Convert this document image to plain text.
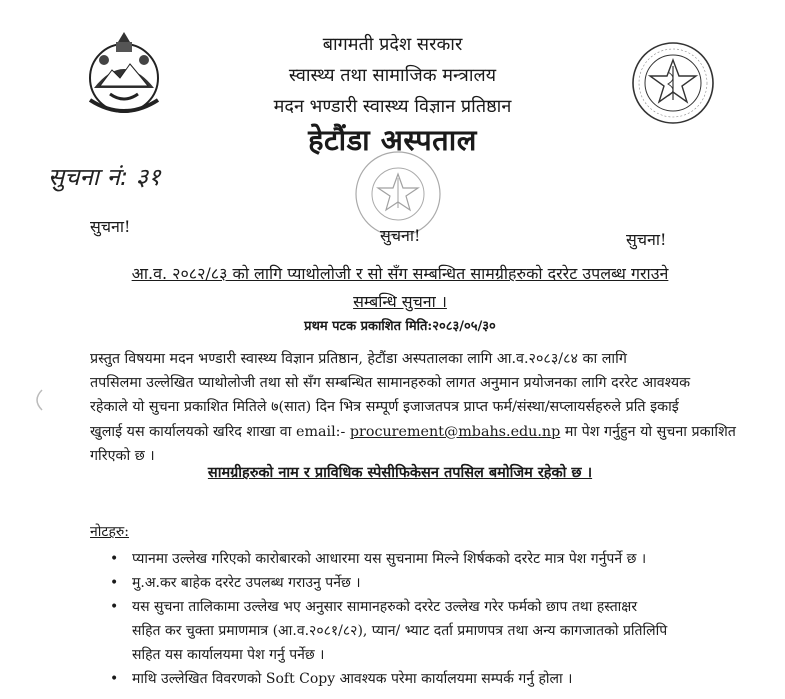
बागमती प्रदेश सरकार
स्वास्थ्य तथा सामाजिक मन्त्रालय
मदन भण्डारी स्वास्थ्य विज्ञान प्रतिष्ठान
हेटौंडा अस्पताल
सुचना नं: ३१
सुचना!	सुचना!	सुचना!
आ.व. २०८२/८३ को लागि प्याथोलोजी र सो सँग सम्बन्धित सामग्रीहरुको दररेट उपलब्ध गराउने
सम्बन्धि सुचना ।
प्रथम पटक प्रकाशित मिति:२०८३/०५/३०
प्रस्तुत विषयमा मदन भण्डारी स्वास्थ्य विज्ञान प्रतिष्ठान, हेटौंडा अस्पतालका लागि आ.व.२०८३/८४ का लागि
तपसिलमा उल्लेखित प्याथोलोजी तथा सो सँग सम्बन्धित सामानहरुको लागत अनुमान प्रयोजनका लागि दररेट आवश्यक
रहेकाले यो सुचना प्रकाशित मितिले ७(सात) दिन भित्र सम्पूर्ण इजाजतपत्र प्राप्त फर्म/संस्था/सप्लायर्सहरुले प्रति इकाई
खुलाई यस कार्यालयको खरिद शाखा वा email:- procurement@mbahs.edu.np मा पेश गर्नुहुन यो सुचना प्रकाशित
गरिएको छ ।
सामग्रीहरुको नाम र प्राविधिक स्पेसीफिकेसन तपसिल बमोजिम रहेको छ ।
नोटहरु:
• प्यानमा उल्लेख गरिएको कारोबारको आधारमा यस सुचनामा मिल्ने शिर्षकको दररेट मात्र पेश गर्नुपर्ने छ ।
• मु.अ.कर बाहेक दररेट उपलब्ध गराउनु पर्नेछ ।
• यस सुचना तालिकामा उल्लेख भए अनुसार सामानहरुको दररेट उल्लेख गरेर फर्मको छाप तथा हस्ताक्षर
सहित कर चुक्ता प्रमाणमात्र (आ.व.२०८१/८२), प्यान/ भ्याट दर्ता प्रमाणपत्र तथा अन्य कागजातको प्रतिलिपि
सहित यस कार्यालयमा पेश गर्नु पर्नेछ ।
• माथि उल्लेखित विवरणको Soft Copy आवश्यक परेमा कार्यालयमा सम्पर्क गर्नु होला ।
